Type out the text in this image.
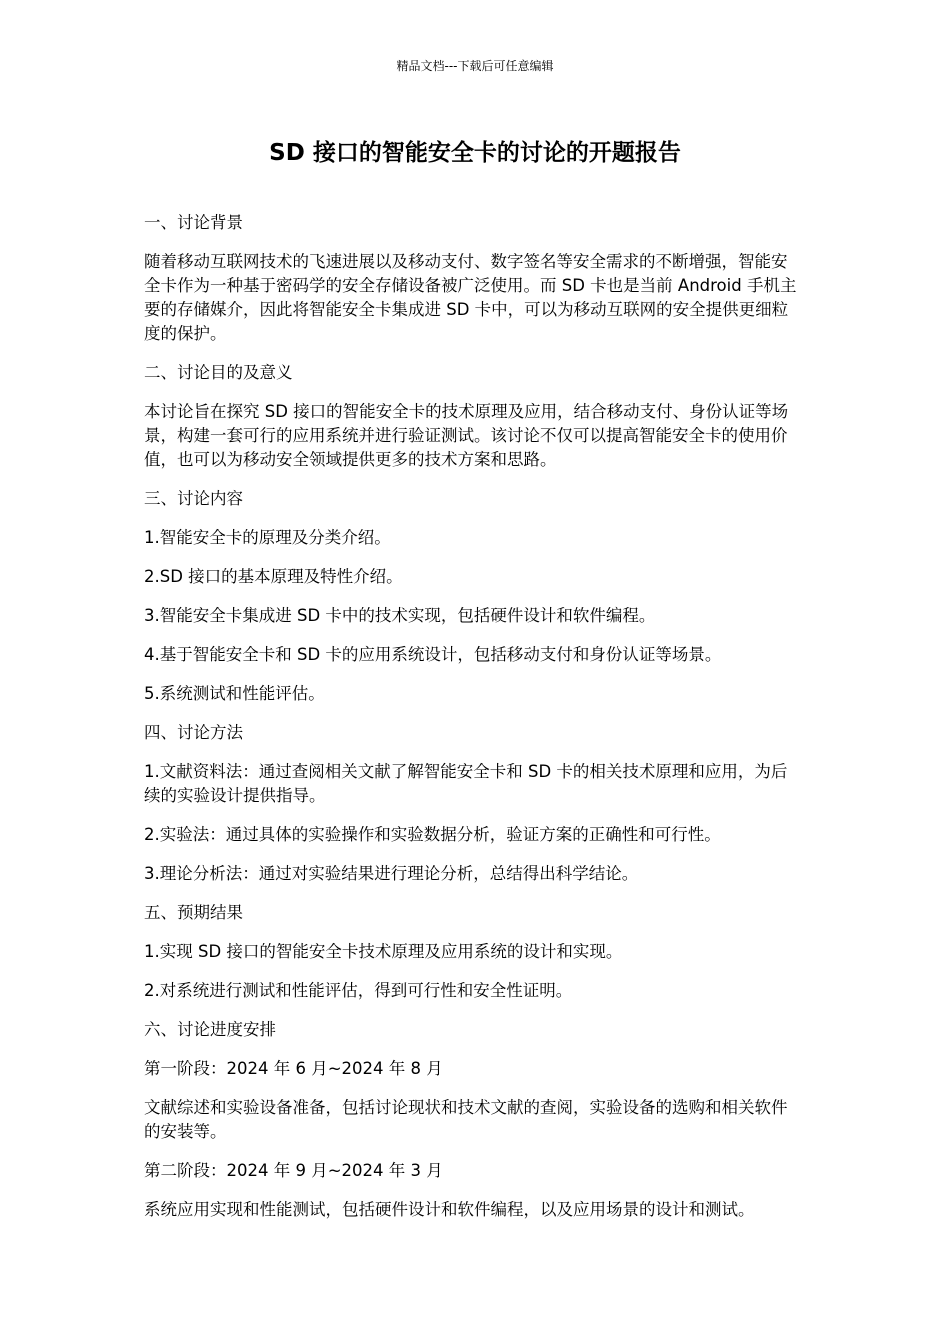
精品文档---下载后可任意编辑
SD 接口的智能安全卡的讨论的开题报告

一、讨论背景

随着移动互联网技术的飞速进展以及移动支付、数字签名等安全需求的不断增强，智能安全卡作为一种基于密码学的安全存储设备被广泛使用。而 SD 卡也是当前 Android 手机主要的存储媒介，因此将智能安全卡集成进 SD 卡中，可以为移动互联网的安全提供更细粒度的保护。

二、讨论目的及意义

本讨论旨在探究 SD 接口的智能安全卡的技术原理及应用，结合移动支付、身份认证等场景，构建一套可行的应用系统并进行验证测试。该讨论不仅可以提高智能安全卡的使用价值，也可以为移动安全领域提供更多的技术方案和思路。

三、讨论内容

1.智能安全卡的原理及分类介绍。

2.SD 接口的基本原理及特性介绍。

3.智能安全卡集成进 SD 卡中的技术实现，包括硬件设计和软件编程。

4.基于智能安全卡和 SD 卡的应用系统设计，包括移动支付和身份认证等场景。

5.系统测试和性能评估。

四、讨论方法

1.文献资料法：通过查阅相关文献了解智能安全卡和 SD 卡的相关技术原理和应用，为后续的实验设计提供指导。

2.实验法：通过具体的实验操作和实验数据分析，验证方案的正确性和可行性。

3.理论分析法：通过对实验结果进行理论分析，总结得出科学结论。

五、预期结果

1.实现 SD 接口的智能安全卡技术原理及应用系统的设计和实现。

2.对系统进行测试和性能评估，得到可行性和安全性证明。

六、讨论进度安排

第一阶段：2024 年 6 月~2024 年 8 月

文献综述和实验设备准备，包括讨论现状和技术文献的查阅，实验设备的选购和相关软件的安装等。

第二阶段：2024 年 9 月~2024 年 3 月

系统应用实现和性能测试，包括硬件设计和软件编程，以及应用场景的设计和测试。
